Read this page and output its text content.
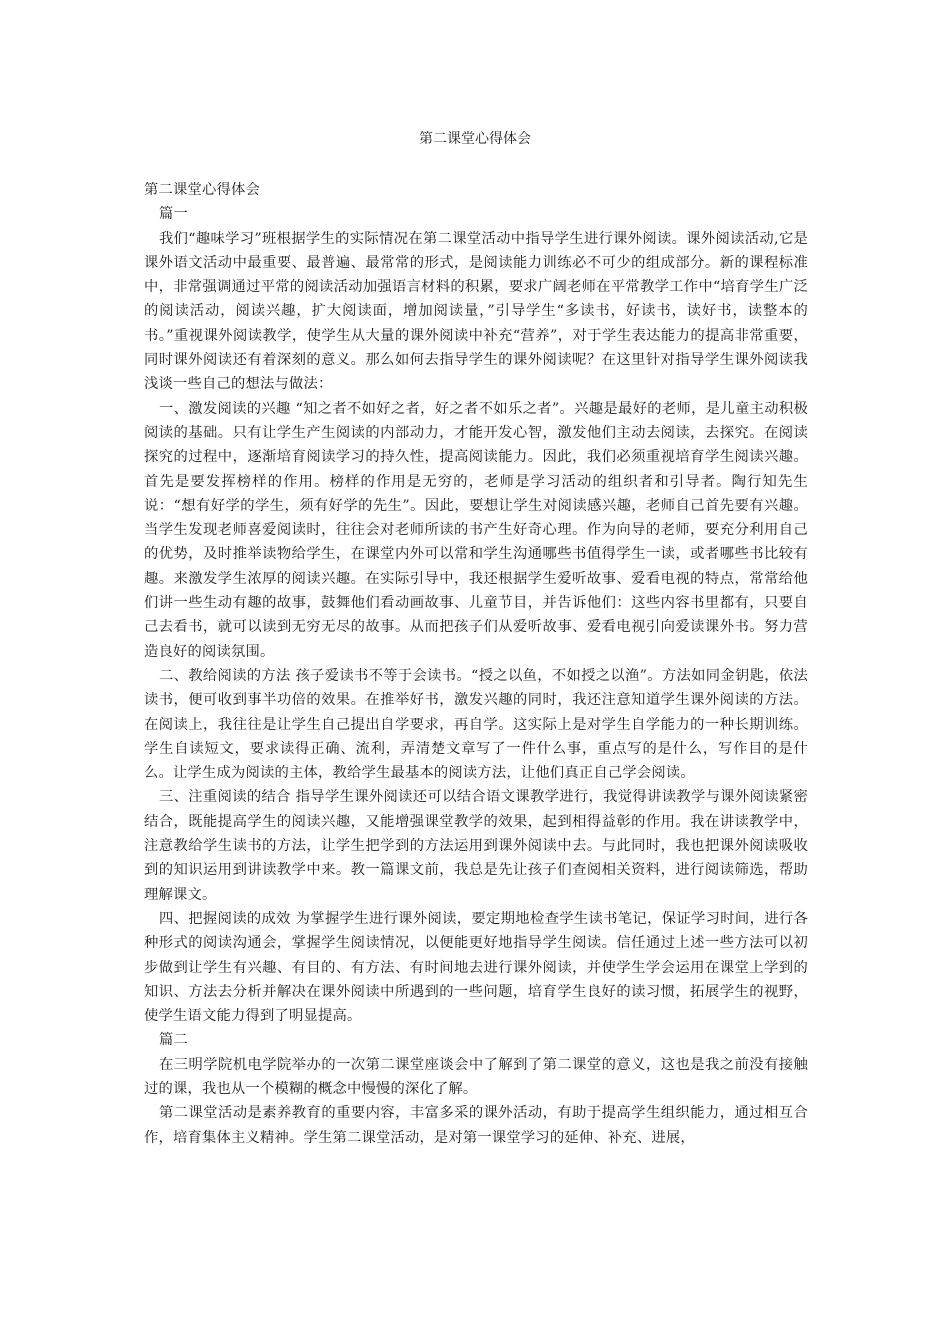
第二课堂心得体会

第二课堂心得体会

篇一

我们“趣味学习”班根据学生的实际情况在第二课堂活动中指导学生进行课外阅读。课外阅读活动,它是课外语文活动中最重要、最普遍、最常常的形式，是阅读能力训练必不可少的组成部分。新的课程标准中，非常强调通过平常的阅读活动加强语言材料的积累，要求广阔老师在平常教学工作中“培育学生广泛的阅读活动，阅读兴趣，扩大阅读面，增加阅读量，”引导学生“多读书，好读书，读好书，读整本的书。”重视课外阅读教学，使学生从大量的课外阅读中补充“营养”，对于学生表达能力的提高非常重要，同时课外阅读还有着深刻的意义。那么如何去指导学生的课外阅读呢？在这里针对指导学生课外阅读我浅谈一些自己的想法与做法：

一、激发阅读的兴趣 “知之者不如好之者，好之者不如乐之者”。兴趣是最好的老师，是儿童主动积极阅读的基础。只有让学生产生阅读的内部动力，才能开发心智，激发他们主动去阅读，去探究。在阅读探究的过程中，逐渐培育阅读学习的持久性，提高阅读能力。因此，我们必须重视培育学生阅读兴趣。首先是要发挥榜样的作用。榜样的作用是无穷的，老师是学习活动的组织者和引导者。陶行知先生说：“想有好学的学生，须有好学的先生”。因此，要想让学生对阅读感兴趣，老师自己首先要有兴趣。当学生发现老师喜爱阅读时，往往会对老师所读的书产生好奇心理。作为向导的老师，要充分利用自己的优势，及时推举读物给学生，在课堂内外可以常和学生沟通哪些书值得学生一读，或者哪些书比较有趣。来激发学生浓厚的阅读兴趣。在实际引导中，我还根据学生爱听故事、爱看电视的特点，常常给他们讲一些生动有趣的故事，鼓舞他们看动画故事、儿童节目，并告诉他们：这些内容书里都有，只要自己去看书，就可以读到无穷无尽的故事。从而把孩子们从爱听故事、爱看电视引向爱读课外书。努力营造良好的阅读氛围。

二、教给阅读的方法 孩子爱读书不等于会读书。“授之以鱼，不如授之以渔”。方法如同金钥匙，依法读书，便可收到事半功倍的效果。在推举好书，激发兴趣的同时，我还注意知道学生课外阅读的方法。在阅读上，我往往是让学生自己提出自学要求，再自学。这实际上是对学生自学能力的一种长期训练。学生自读短文，要求读得正确、流利，弄清楚文章写了一件什么事，重点写的是什么，写作目的是什么。让学生成为阅读的主体，教给学生最基本的阅读方法，让他们真正自己学会阅读。

三、注重阅读的结合 指导学生课外阅读还可以结合语文课教学进行，我觉得讲读教学与课外阅读紧密结合，既能提高学生的阅读兴趣，又能增强课堂教学的效果，起到相得益彰的作用。我在讲读教学中，注意教给学生读书的方法，让学生把学到的方法运用到课外阅读中去。与此同时，我也把课外阅读吸收到的知识运用到讲读教学中来。教一篇课文前，我总是先让孩子们查阅相关资料，进行阅读筛选，帮助理解课文。

四、把握阅读的成效 为掌握学生进行课外阅读，要定期地检查学生读书笔记，保证学习时间，进行各种形式的阅读沟通会，掌握学生阅读情况，以便能更好地指导学生阅读。信任通过上述一些方法可以初步做到让学生有兴趣、有目的、有方法、有时间地去进行课外阅读，并使学生学会运用在课堂上学到的知识、方法去分析并解决在课外阅读中所遇到的一些问题，培育学生良好的读习惯，拓展学生的视野，使学生语文能力得到了明显提高。

篇二

在三明学院机电学院举办的一次第二课堂座谈会中了解到了第二课堂的意义，这也是我之前没有接触过的课，我也从一个模糊的概念中慢慢的深化了解。

第二课堂活动是素养教育的重要内容，丰富多采的课外活动，有助于提高学生组织能力，通过相互合作，培育集体主义精神。学生第二课堂活动，是对第一课堂学习的延伸、补充、进展，
